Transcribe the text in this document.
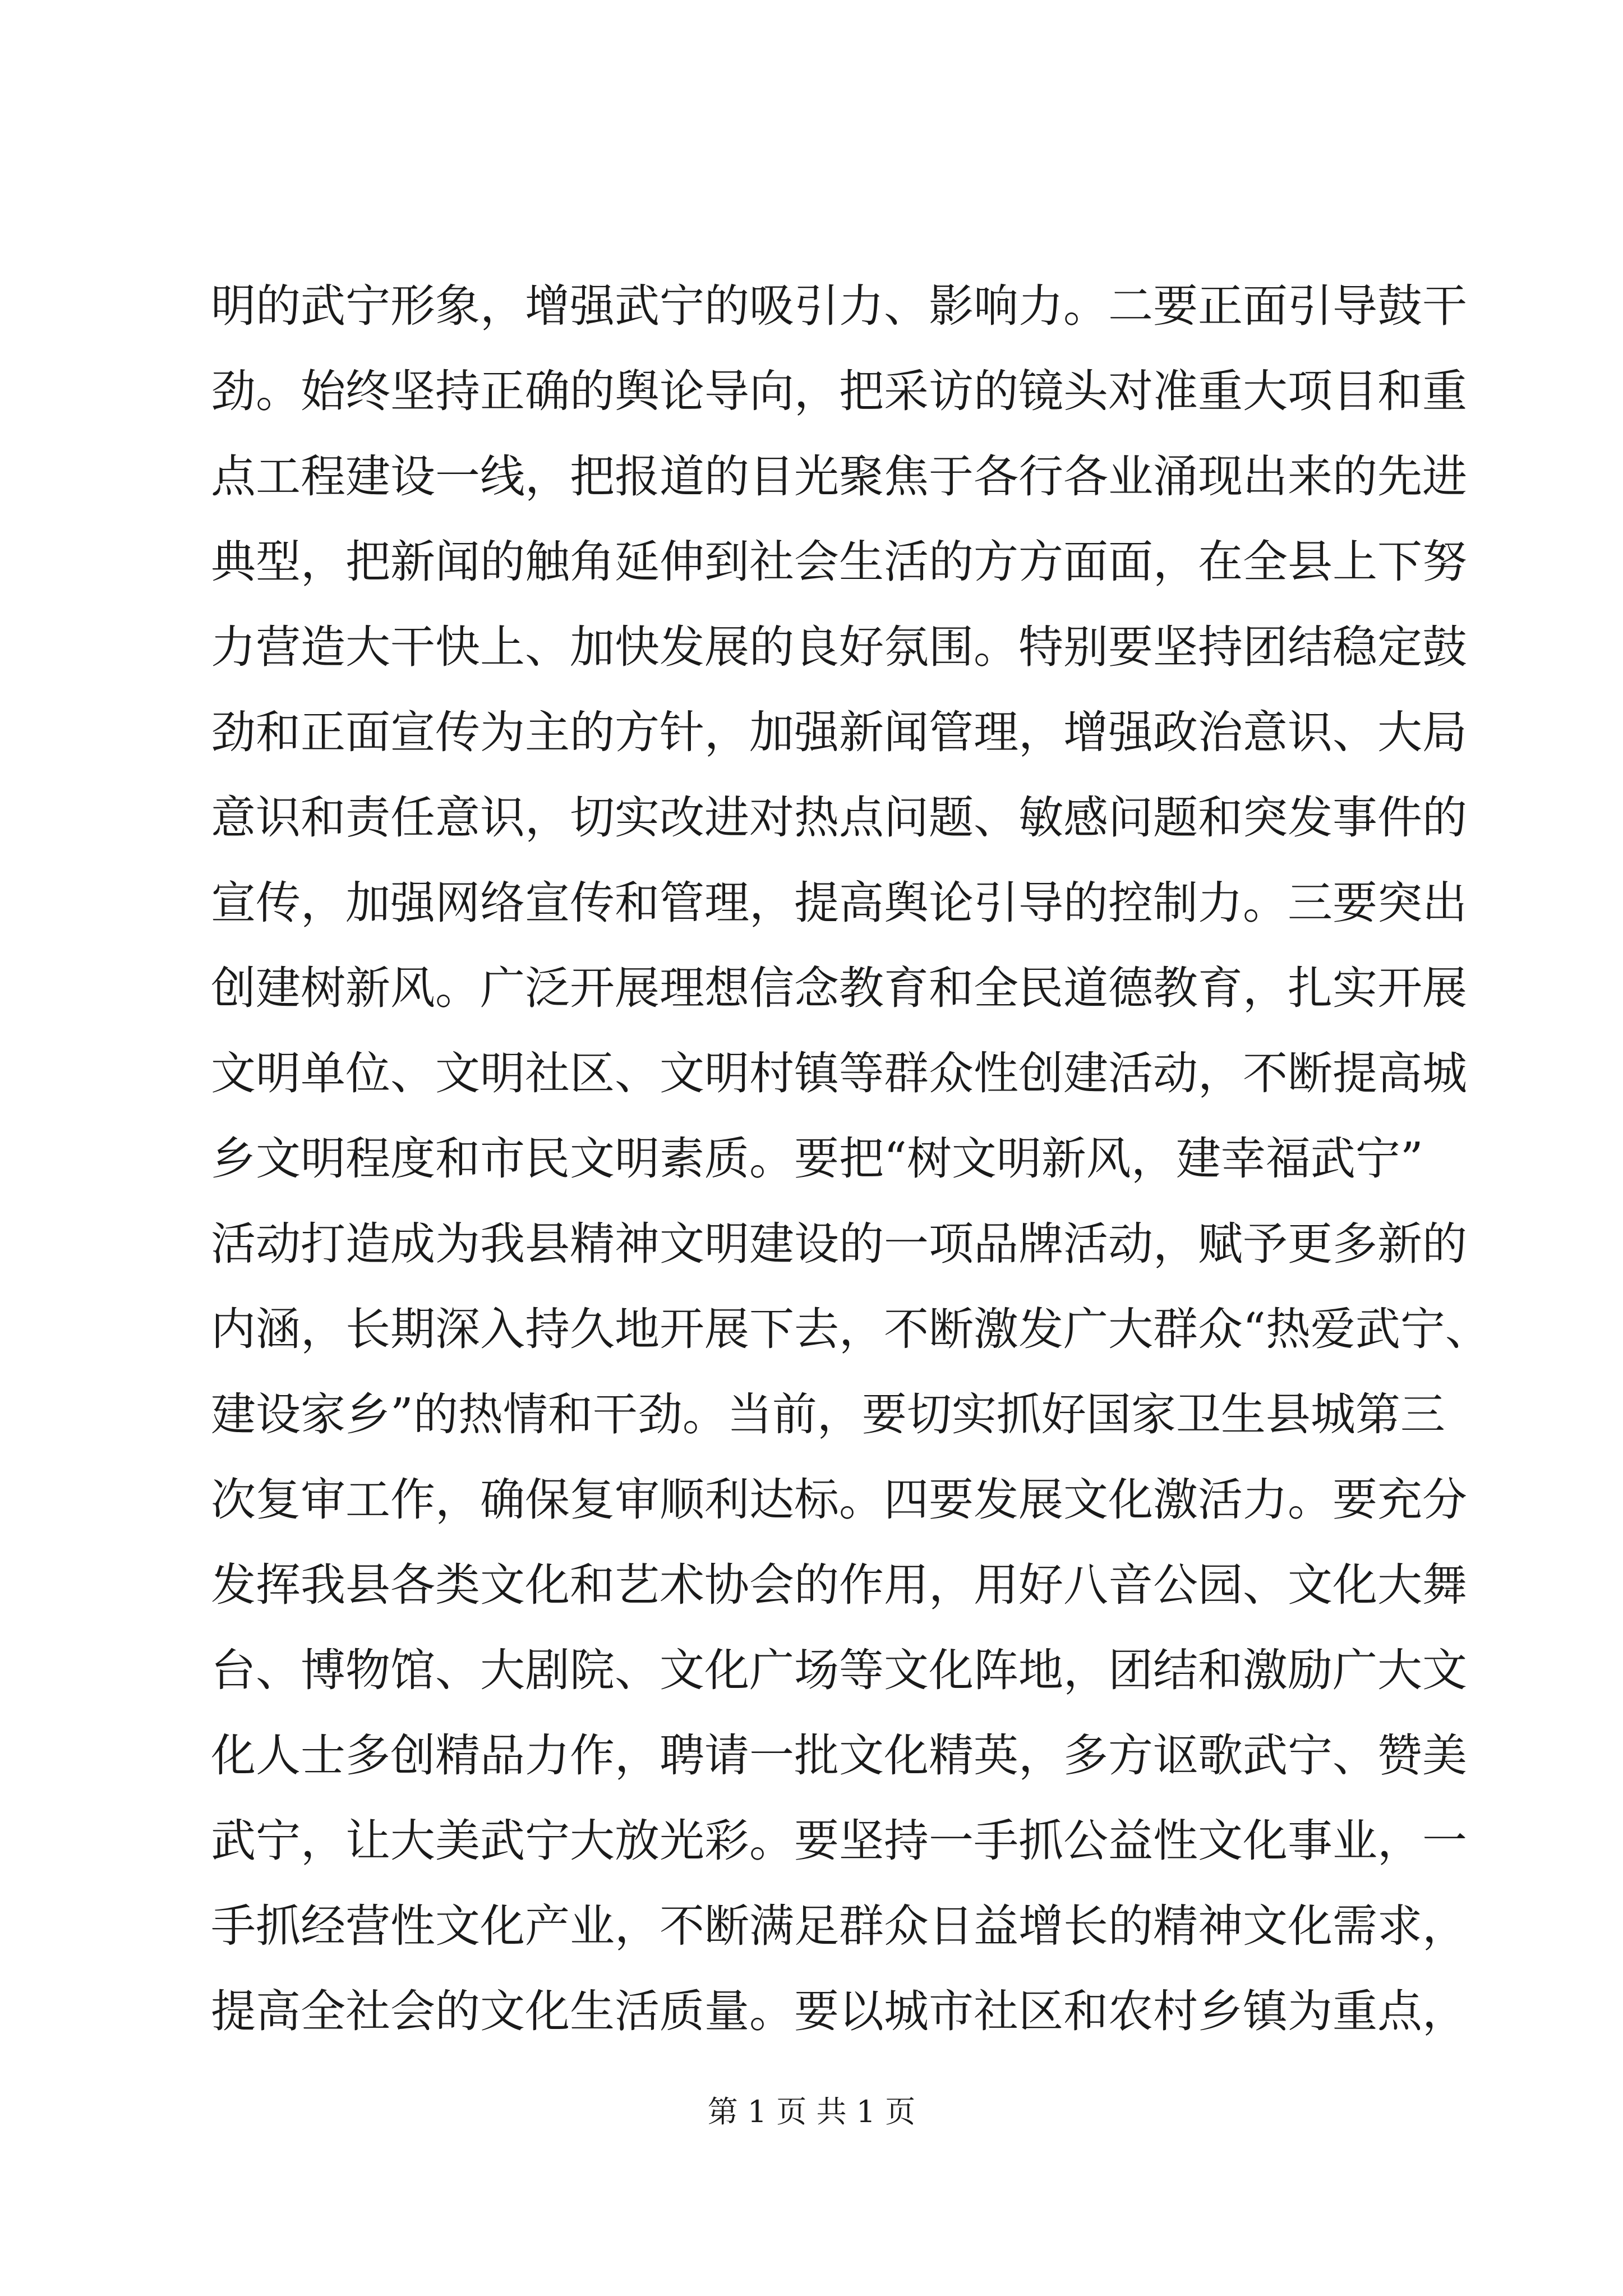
明的武宁形象，增强武宁的吸引力、影响力。二要正面引导鼓干
劲。始终坚持正确的舆论导向，把采访的镜头对准重大项目和重
点工程建设一线，把报道的目光聚焦于各行各业涌现出来的先进
典型，把新闻的触角延伸到社会生活的方方面面，在全县上下努
力营造大干快上、加快发展的良好氛围。特别要坚持团结稳定鼓
劲和正面宣传为主的方针，加强新闻管理，增强政治意识、大局
意识和责任意识，切实改进对热点问题、敏感问题和突发事件的
宣传，加强网络宣传和管理，提高舆论引导的控制力。三要突出
创建树新风。广泛开展理想信念教育和全民道德教育，扎实开展
文明单位、文明社区、文明村镇等群众性创建活动，不断提高城
乡文明程度和市民文明素质。要把“树文明新风，建幸福武宁”
活动打造成为我县精神文明建设的一项品牌活动，赋予更多新的
内涵，长期深入持久地开展下去，不断激发广大群众“热爱武宁、
建设家乡”的热情和干劲。当前，要切实抓好国家卫生县城第三
次复审工作，确保复审顺利达标。四要发展文化激活力。要充分
发挥我县各类文化和艺术协会的作用，用好八音公园、文化大舞
台、博物馆、大剧院、文化广场等文化阵地，团结和激励广大文
化人士多创精品力作，聘请一批文化精英，多方讴歌武宁、赞美
武宁，让大美武宁大放光彩。要坚持一手抓公益性文化事业，一
手抓经营性文化产业，不断满足群众日益增长的精神文化需求，
提高全社会的文化生活质量。要以城市社区和农村乡镇为重点，
第 1 页 共 1 页
